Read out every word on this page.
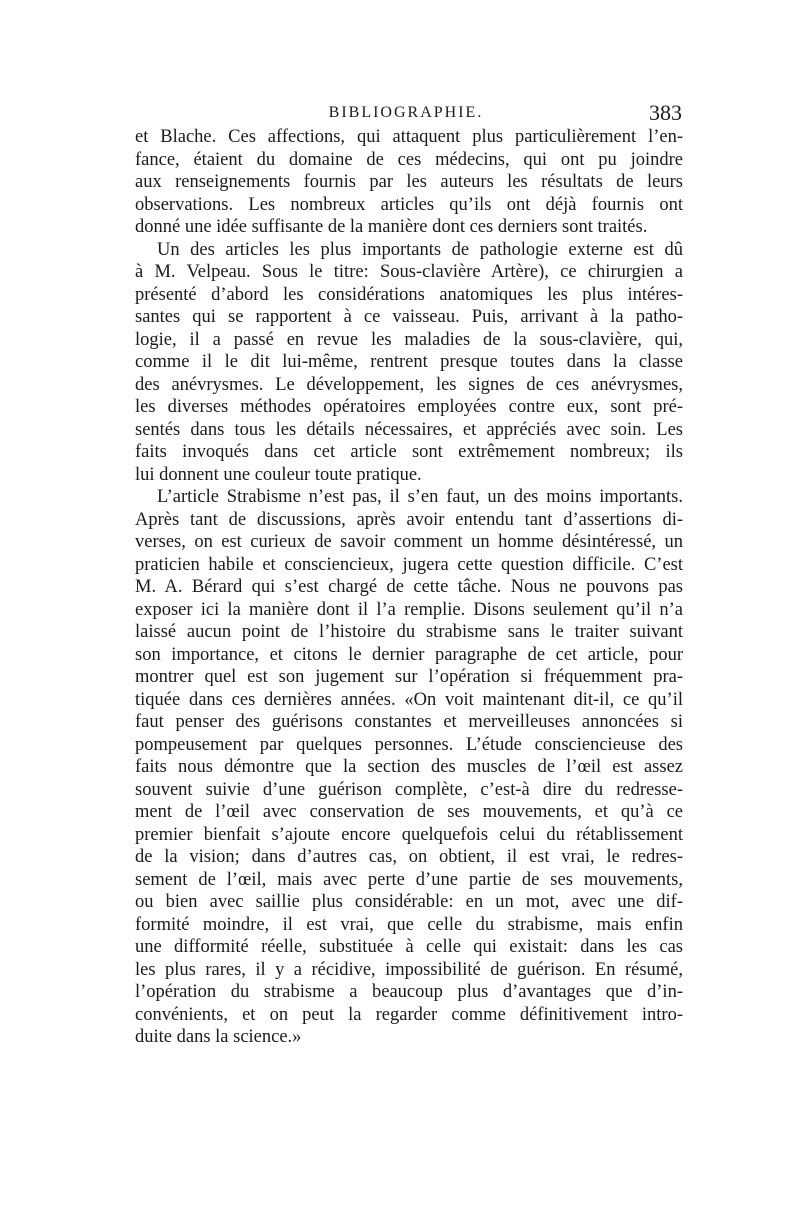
BIBLIOGRAPHIE.	383
et Blache. Ces affections, qui attaquent plus particulièrement l’en-
fance, étaient du domaine de ces médecins, qui ont pu joindre
aux renseignements fournis par les auteurs les résultats de leurs
observations. Les nombreux articles qu’ils ont déjà fournis ont
donné une idée suffisante de la manière dont ces derniers sont traités.
Un des articles les plus importants de pathologie externe est dû
à M. Velpeau. Sous le titre: Sous-clavière Artère), ce chirurgien a
présenté d’abord les considérations anatomiques les plus intéres-
santes qui se rapportent à ce vaisseau. Puis, arrivant à la patho-
logie, il a passé en revue les maladies de la sous-clavière, qui,
comme il le dit lui-même, rentrent presque toutes dans la classe
des anévrysmes. Le développement, les signes de ces anévrysmes,
les diverses méthodes opératoires employées contre eux, sont pré-
sentés dans tous les détails nécessaires, et appréciés avec soin. Les
faits invoqués dans cet article sont extrêmement nombreux; ils
lui donnent une couleur toute pratique.
L’article Strabisme n’est pas, il s’en faut, un des moins importants.
Après tant de discussions, après avoir entendu tant d’assertions di-
verses, on est curieux de savoir comment un homme désintéressé, un
praticien habile et consciencieux, jugera cette question difficile. C’est
M. A. Bérard qui s’est chargé de cette tâche. Nous ne pouvons pas
exposer ici la manière dont il l’a remplie. Disons seulement qu’il n’a
laissé aucun point de l’histoire du strabisme sans le traiter suivant
son importance, et citons le dernier paragraphe de cet article, pour
montrer quel est son jugement sur l’opération si fréquemment pra-
tiquée dans ces dernières années. «On voit maintenant dit-il, ce qu’il
faut penser des guérisons constantes et merveilleuses annoncées si
pompeusement par quelques personnes. L’étude consciencieuse des
faits nous démontre que la section des muscles de l’œil est assez
souvent suivie d’une guérison complète, c’est-à dire du redresse-
ment de l’œil avec conservation de ses mouvements, et qu’à ce
premier bienfait s’ajoute encore quelquefois celui du rétablissement
de la vision; dans d’autres cas, on obtient, il est vrai, le redres-
sement de l’œil, mais avec perte d’une partie de ses mouvements,
ou bien avec saillie plus considérable: en un mot, avec une dif-
formité moindre, il est vrai, que celle du strabisme, mais enfin
une difformité réelle, substituée à celle qui existait: dans les cas
les plus rares, il y a récidive, impossibilité de guérison. En résumé,
l’opération du strabisme a beaucoup plus d’avantages que d’in-
convénients, et on peut la regarder comme définitivement intro-
duite dans la science.»
